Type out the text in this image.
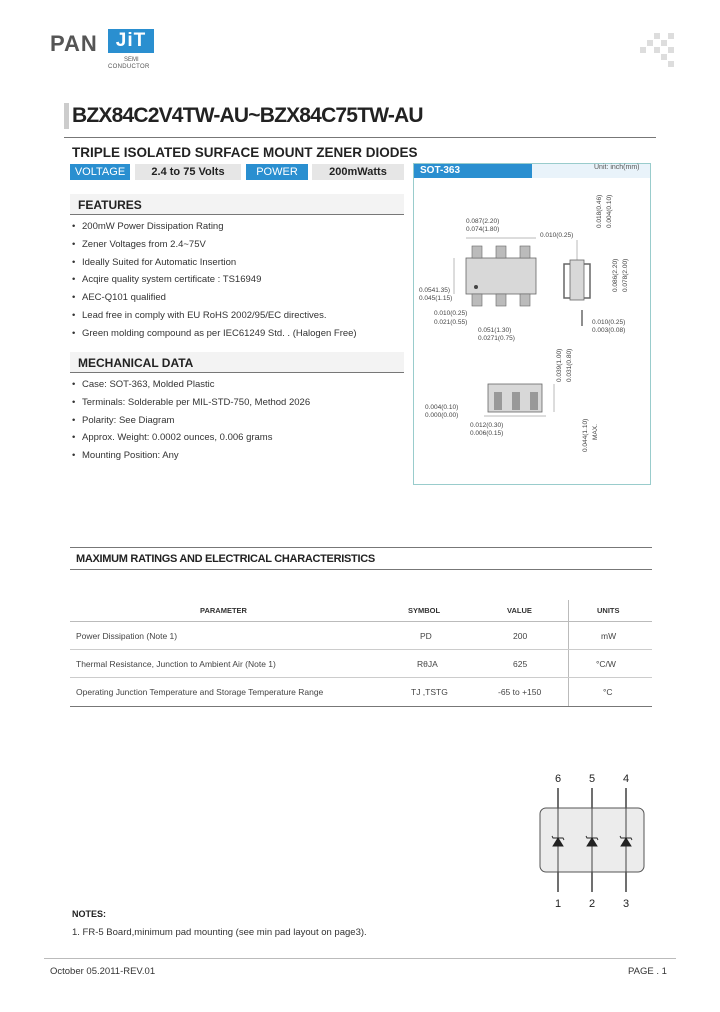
PAN JiT
SEMI
CONDUCTOR
BZX84C2V4TW-AU~BZX84C75TW-AU
TRIPLE ISOLATED SURFACE MOUNT ZENER DIODES
VOLTAGE	2.4 to 75 Volts	POWER	200mWatts
FEATURES
• 200mW Power Dissipation Rating
• Zener Voltages from 2.4~75V
• Ideally Suited for Automatic Insertion
• Acqire quality system certificate : TS16949
• AEC-Q101 qualified
• Lead free in comply with EU RoHS 2002/95/EC directives.
• Green molding compound as per IEC61249 Std. . (Halogen Free)
MECHANICAL DATA
• Case: SOT-363, Molded Plastic
• Terminals: Solderable per MIL-STD-750, Method 2026
• Polarity: See Diagram
• Approx. Weight: 0.0002 ounces, 0.006 grams
• Mounting Position: Any
SOT-363	Unit: inch(mm)
0.087(2.20)
0.074(1.80)
0.0541.35)
0.045(1.15)
0.010(0.25)
0.021(0.55)
0.051(1.30)
0.0271(0.75)
0.010(0.25)
0.018(0.46) 0.004(0.10)
0.086(2.20) 0.078(2.00)
0.010(0.25)
0.003(0.08)
0.039(1.00) 0.031(0.80)
0.004(0.10)
0.000(0.00)
0.012(0.30)
0.006(0.15)	0.044(1.10) MAX.
MAXIMUM RATINGS AND ELECTRICAL CHARACTERISTICS
PARAMETER	SYMBOL	VALUE	UNITS
Power Dissipation (Note 1)	PD	200	mW
Thermal Resistance, Junction to Ambient Air (Note 1)	RθJA	625	°C/W
Operating Junction Temperature and Storage Temperature Range	TJ ,TSTG	-65 to +150	°C
6	5	4
1	2	3
NOTES:
1. FR-5 Board,minimum pad mounting (see min pad layout on page3).
October 05.2011-REV.01	PAGE . 1
